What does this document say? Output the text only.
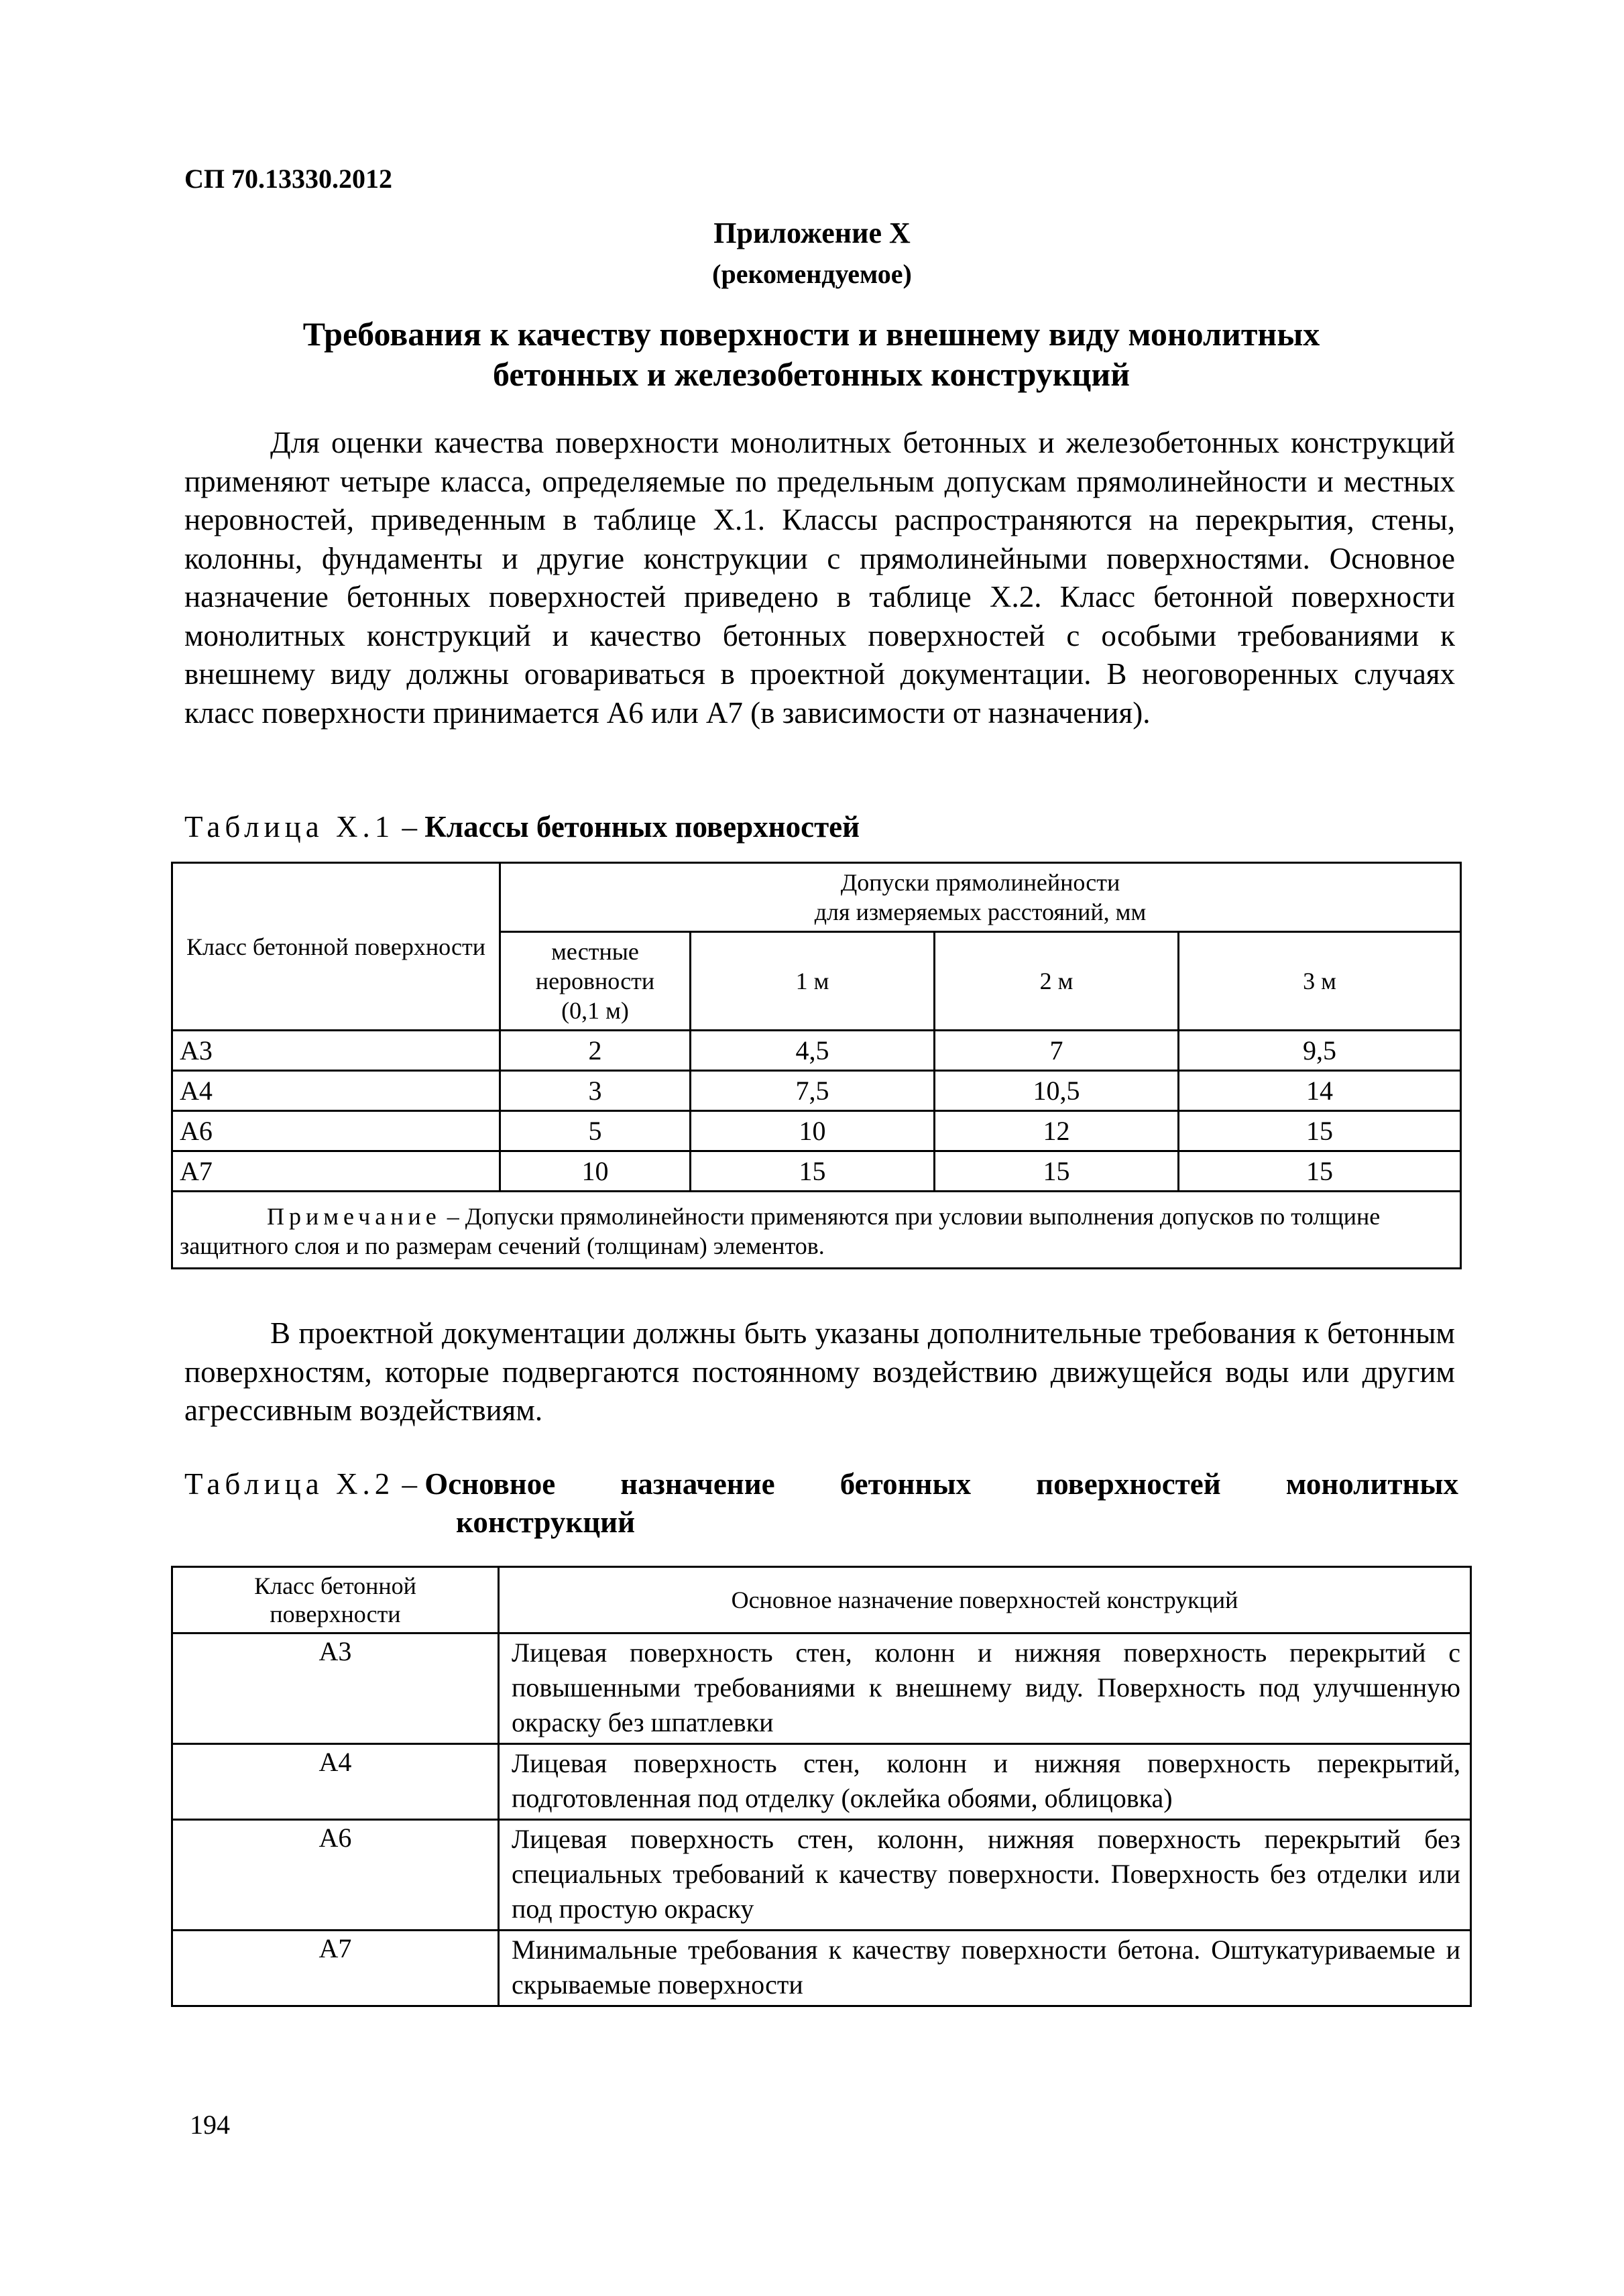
СП 70.13330.2012
Приложение Х
(рекомендуемое)
Требования к качеству поверхности и внешнему виду монолитных
бетонных и железобетонных конструкций
Для оценки качества поверхности монолитных бетонных и железобетонных конструкций применяют четыре класса, определяемые по предельным допускам прямолинейности и местных неровностей, приведенным в таблице Х.1. Классы распространяются на перекрытия, стены, колонны, фундаменты и другие конструкции с прямолинейными поверхностями. Основное назначение бетонных поверхностей приведено в таблице Х.2. Класс бетонной поверхности монолитных конструкций и качество бетонных поверхностей с особыми требованиями к внешнему виду должны оговариваться в проектной документации. В неоговоренных случаях класс поверхности принимается А6 или А7 (в зависимости от назначения).
Таблица Х.1 – Классы бетонных поверхностей
Класс бетонной поверхности	Допуски прямолинейности
для измеряемых расстояний, мм			

	местные
неровности
(0,1 м)	1 м	2 м	3 м
А3	2	4,5	7	9,5
А4	3	7,5	10,5	14
А6	5	10	12	15
А7	10	15	15	15
Примечание – Допуски прямолинейности применяются при условии выполнения допусков по толщине защитного слоя и по размерам сечений (толщинам) элементов.				
В проектной документации должны быть указаны дополнительные требования к бетонным поверхностям, которые подвергаются постоянному воздействию движущейся воды или другим агрессивным воздействиям.
Таблица Х.2 – Основное назначение бетонных поверхностей монолитных
конструкций
Класс бетонной
поверхности	Основное назначение поверхностей конструкций
А3	Лицевая поверхность стен, колонн и нижняя поверхность перекрытий с повышенными требованиями к внешнему виду. Поверхность под улучшенную окраску без шпатлевки
А4	Лицевая поверхность стен, колонн и нижняя поверхность перекрытий, подготовленная под отделку (оклейка обоями, облицовка)
А6	Лицевая поверхность стен, колонн, нижняя поверхность перекрытий без специальных требований к качеству поверхности. Поверхность без отделки или под простую окраску
А7	Минимальные требования к качеству поверхности бетона. Оштукатуриваемые и скрываемые поверхности
194
